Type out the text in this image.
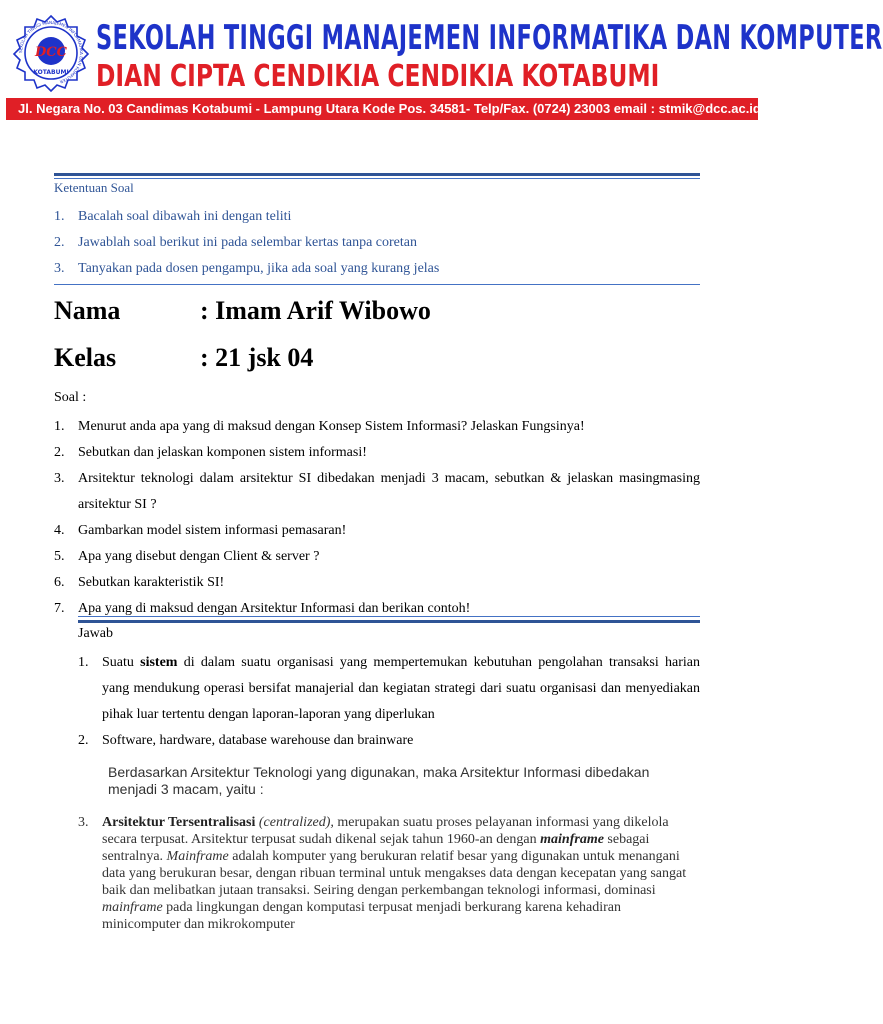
SEKOLAH TINGGI MANAJEMEN INFORMATIKA DAN KOMPUTER
DCC
KOTABUMI
SEKOLAH TINGGI MANAJEMEN INFORMATIKA DAN KOMPUTER
DIAN CIPTA CENDIKIA CENDIKIA KOTABUMI
Jl. Negara No. 03 Candimas Kotabumi - Lampung Utara Kode Pos. 34581- Telp/Fax. (0724) 23003 email : stmik@dcc.ac.id
Ketentuan Soal
1. Bacalah soal dibawah ini dengan teliti
2. Jawablah soal berikut ini pada selembar kertas tanpa coretan
3. Tanyakan pada dosen pengampu, jika ada soal yang kurang jelas
Nama	: Imam Arif Wibowo
Kelas	: 21 jsk 04
Soal :
1. Menurut anda apa yang di maksud dengan Konsep Sistem Informasi? Jelaskan Fungsinya!
2. Sebutkan dan jelaskan komponen sistem informasi!
3. Arsitektur teknologi dalam arsitektur SI dibedakan menjadi 3 macam, sebutkan & jelaskan masingmasing arsitektur SI ?
4. Gambarkan model sistem informasi pemasaran!
5. Apa yang disebut dengan Client & server ?
6. Sebutkan karakteristik SI!
7. Apa yang di maksud dengan Arsitektur Informasi dan berikan contoh!
Jawab
1. Suatu sistem di dalam suatu organisasi yang mempertemukan kebutuhan pengolahan transaksi harian yang mendukung operasi bersifat manajerial dan kegiatan strategi dari suatu organisasi dan menyediakan pihak luar tertentu dengan laporan-laporan yang diperlukan
2. Software, hardware, database warehouse dan brainware
Berdasarkan Arsitektur Teknologi yang digunakan, maka Arsitektur Informasi dibedakan menjadi 3 macam, yaitu :
3. Arsitektur Tersentralisasi (centralized), merupakan suatu proses pelayanan informasi yang dikelola secara terpusat. Arsitektur terpusat sudah dikenal sejak tahun 1960-an dengan mainframe sebagai sentralnya. Mainframe adalah komputer yang berukuran relatif besar yang digunakan untuk menangani data yang berukuran besar, dengan ribuan terminal untuk mengakses data dengan kecepatan yang sangat baik dan melibatkan jutaan transaksi. Seiring dengan perkembangan teknologi informasi, dominasi mainframe pada lingkungan dengan komputasi terpusat menjadi berkurang karena kehadiran minicomputer dan mikrokomputer
